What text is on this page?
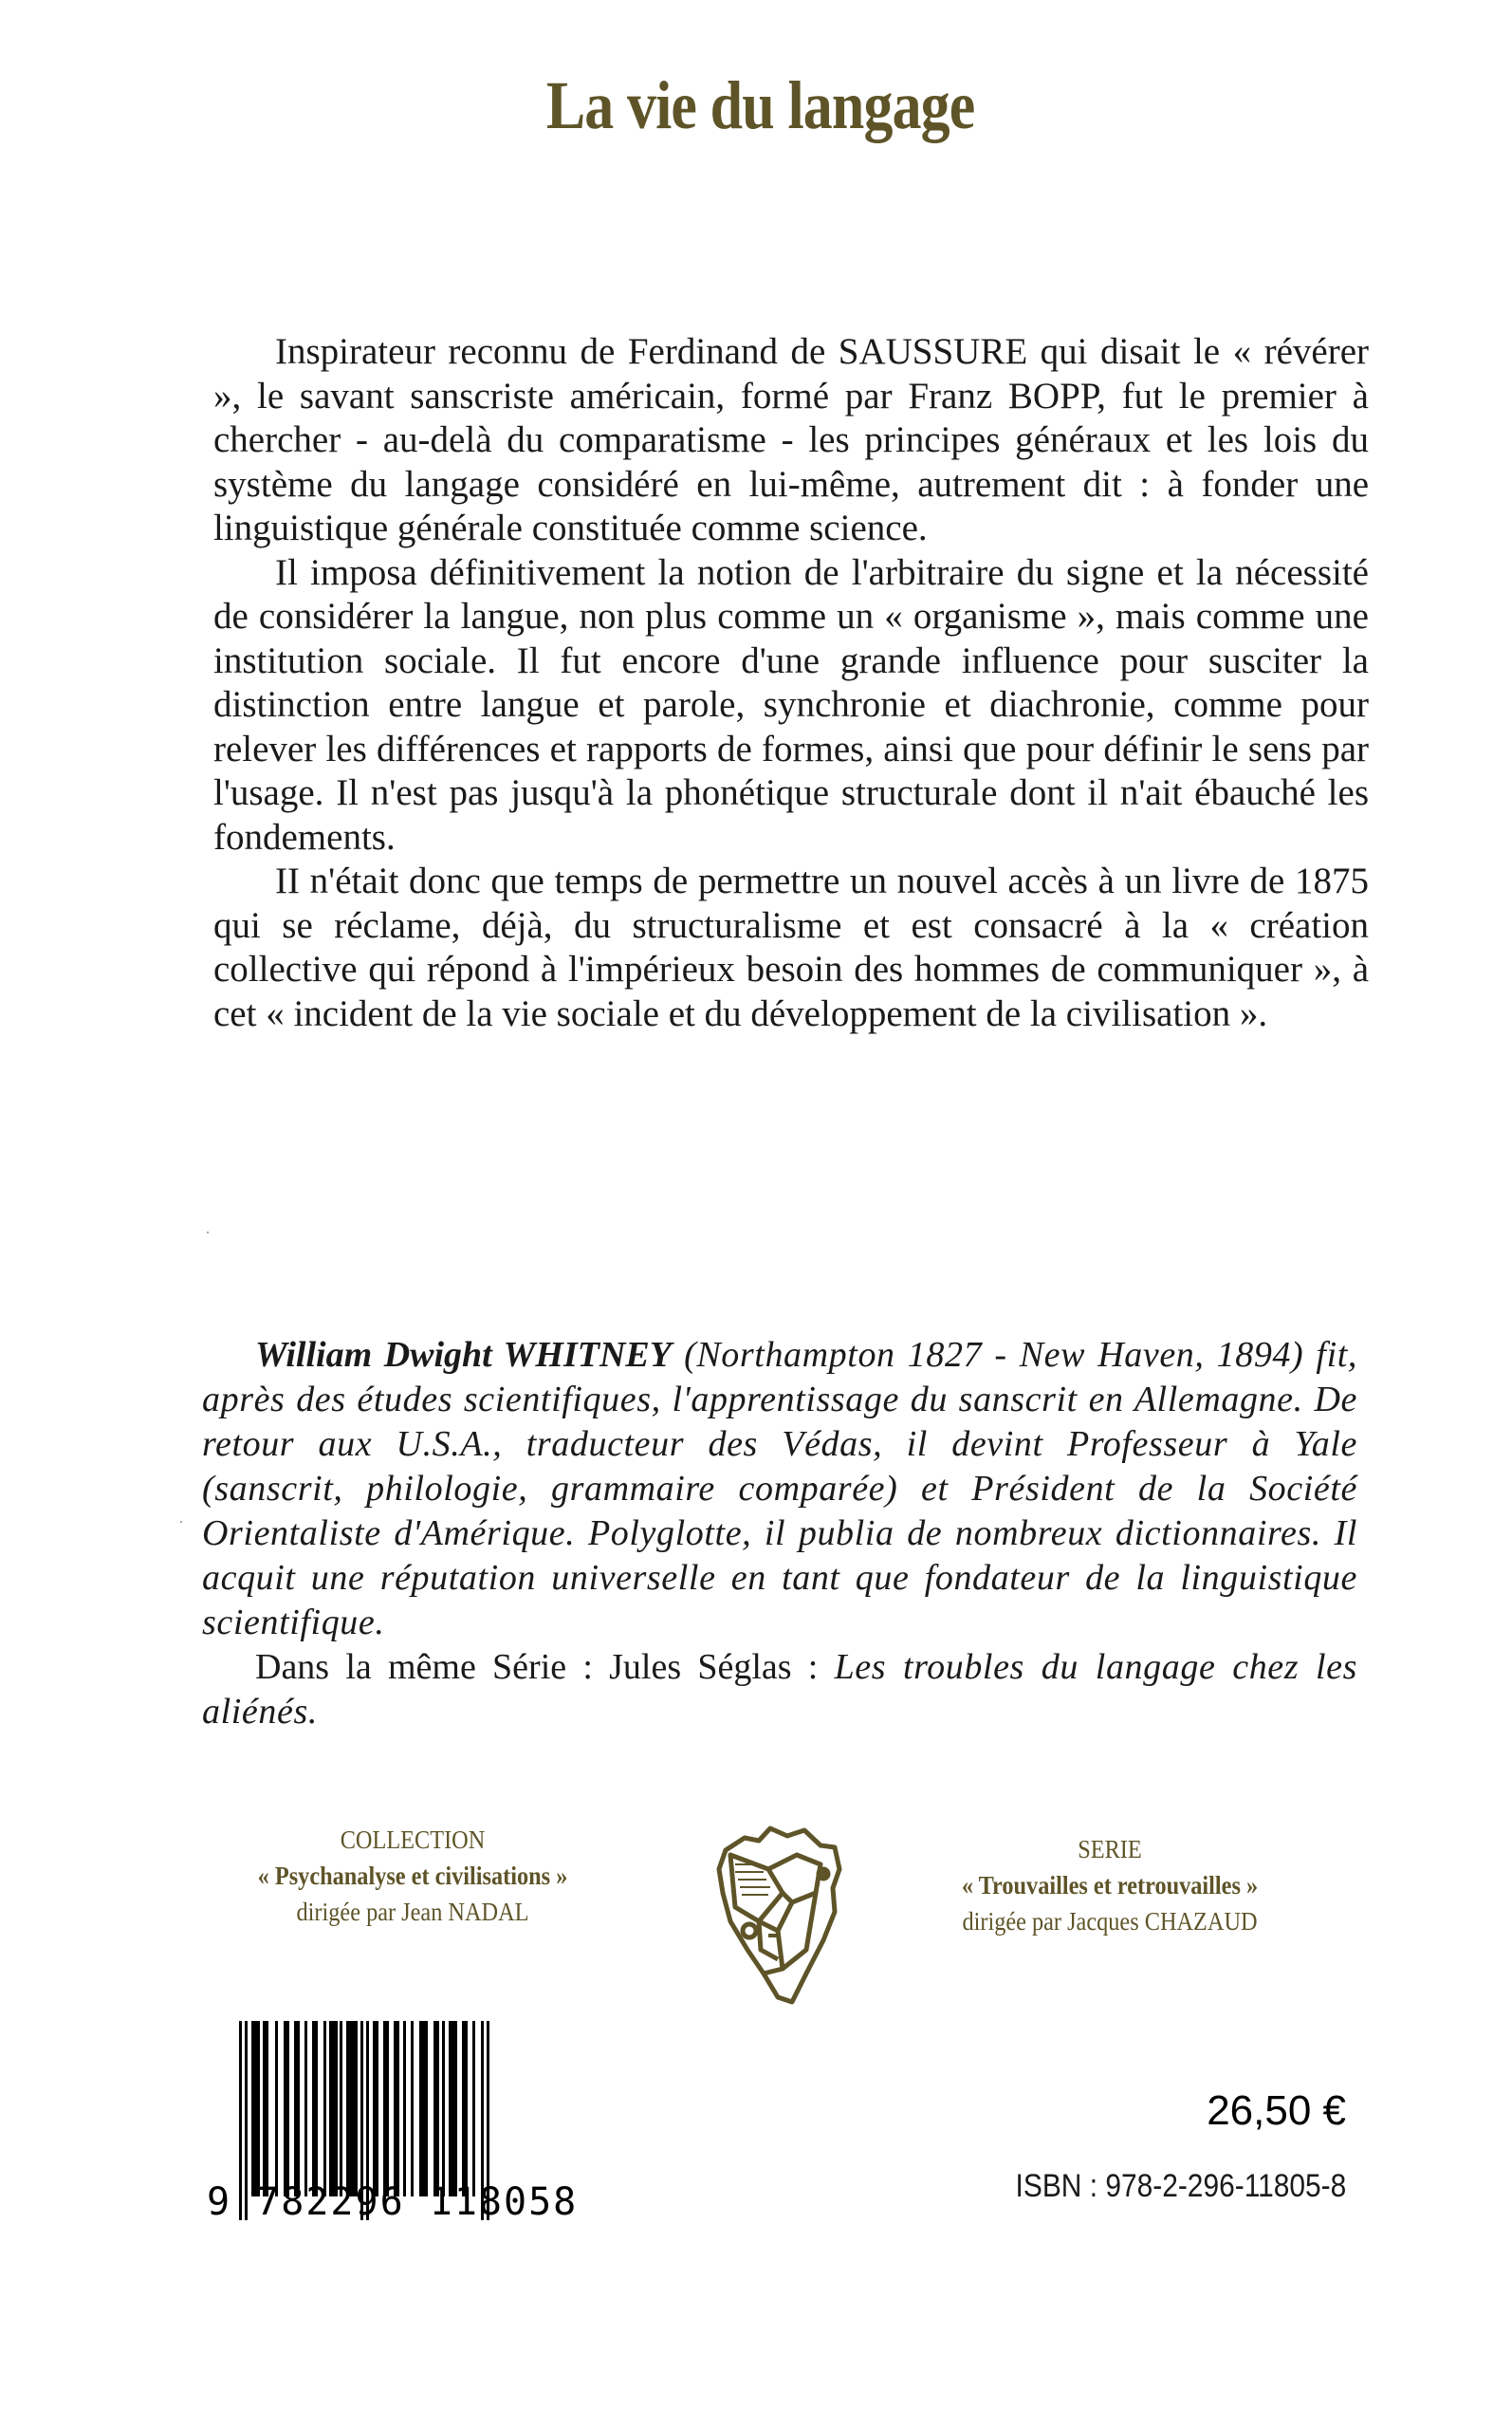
La vie du langage

Inspirateur reconnu de Ferdinand de SAUSSURE qui disait le « révérer », le savant sanscriste américain, formé par Franz BOPP, fut le premier à chercher - au-delà du comparatisme - les principes généraux et les lois du système du langage considéré en lui-même, autrement dit : à fonder une linguistique générale constituée comme science.

Il imposa définitivement la notion de l'arbitraire du signe et la nécessité de considérer la langue, non plus comme un « organisme », mais comme une institution sociale. Il fut encore d'une grande influence pour susciter la distinction entre langue et parole, synchronie et diachronie, comme pour relever les différences et rapports de formes, ainsi que pour définir le sens par l'usage. Il n'est pas jusqu'à la phonétique structurale dont il n'ait ébauché les fondements.

II n'était donc que temps de permettre un nouvel accès à un livre de 1875 qui se réclame, déjà, du structuralisme et est consacré à la « création collective qui répond à l'impérieux besoin des hommes de communiquer », à cet « incident de la vie sociale et du développement de la civilisation ».

William Dwight WHITNEY (Northampton 1827 - New Haven, 1894) fit, après des études scientifiques, l'apprentissage du sanscrit en Allemagne. De retour aux U.S.A., traducteur des Védas, il devint Professeur à Yale (sanscrit, philologie, grammaire comparée) et Président de la Société Orientaliste d'Amérique. Polyglotte, il publia de nombreux dictionnaires. Il acquit une réputation universelle en tant que fondateur de la linguistique scientifique.

Dans la même Série : Jules Séglas : Les troubles du langage chez les aliénés.

COLLECTION
« Psychanalyse et civilisations »
dirigée par Jean NADAL
SERIE
« Trouvailles et retrouvailles »
dirigée par Jacques CHAZAUD
9 782296 118058
26,50 €
ISBN : 978-2-296-11805-8
